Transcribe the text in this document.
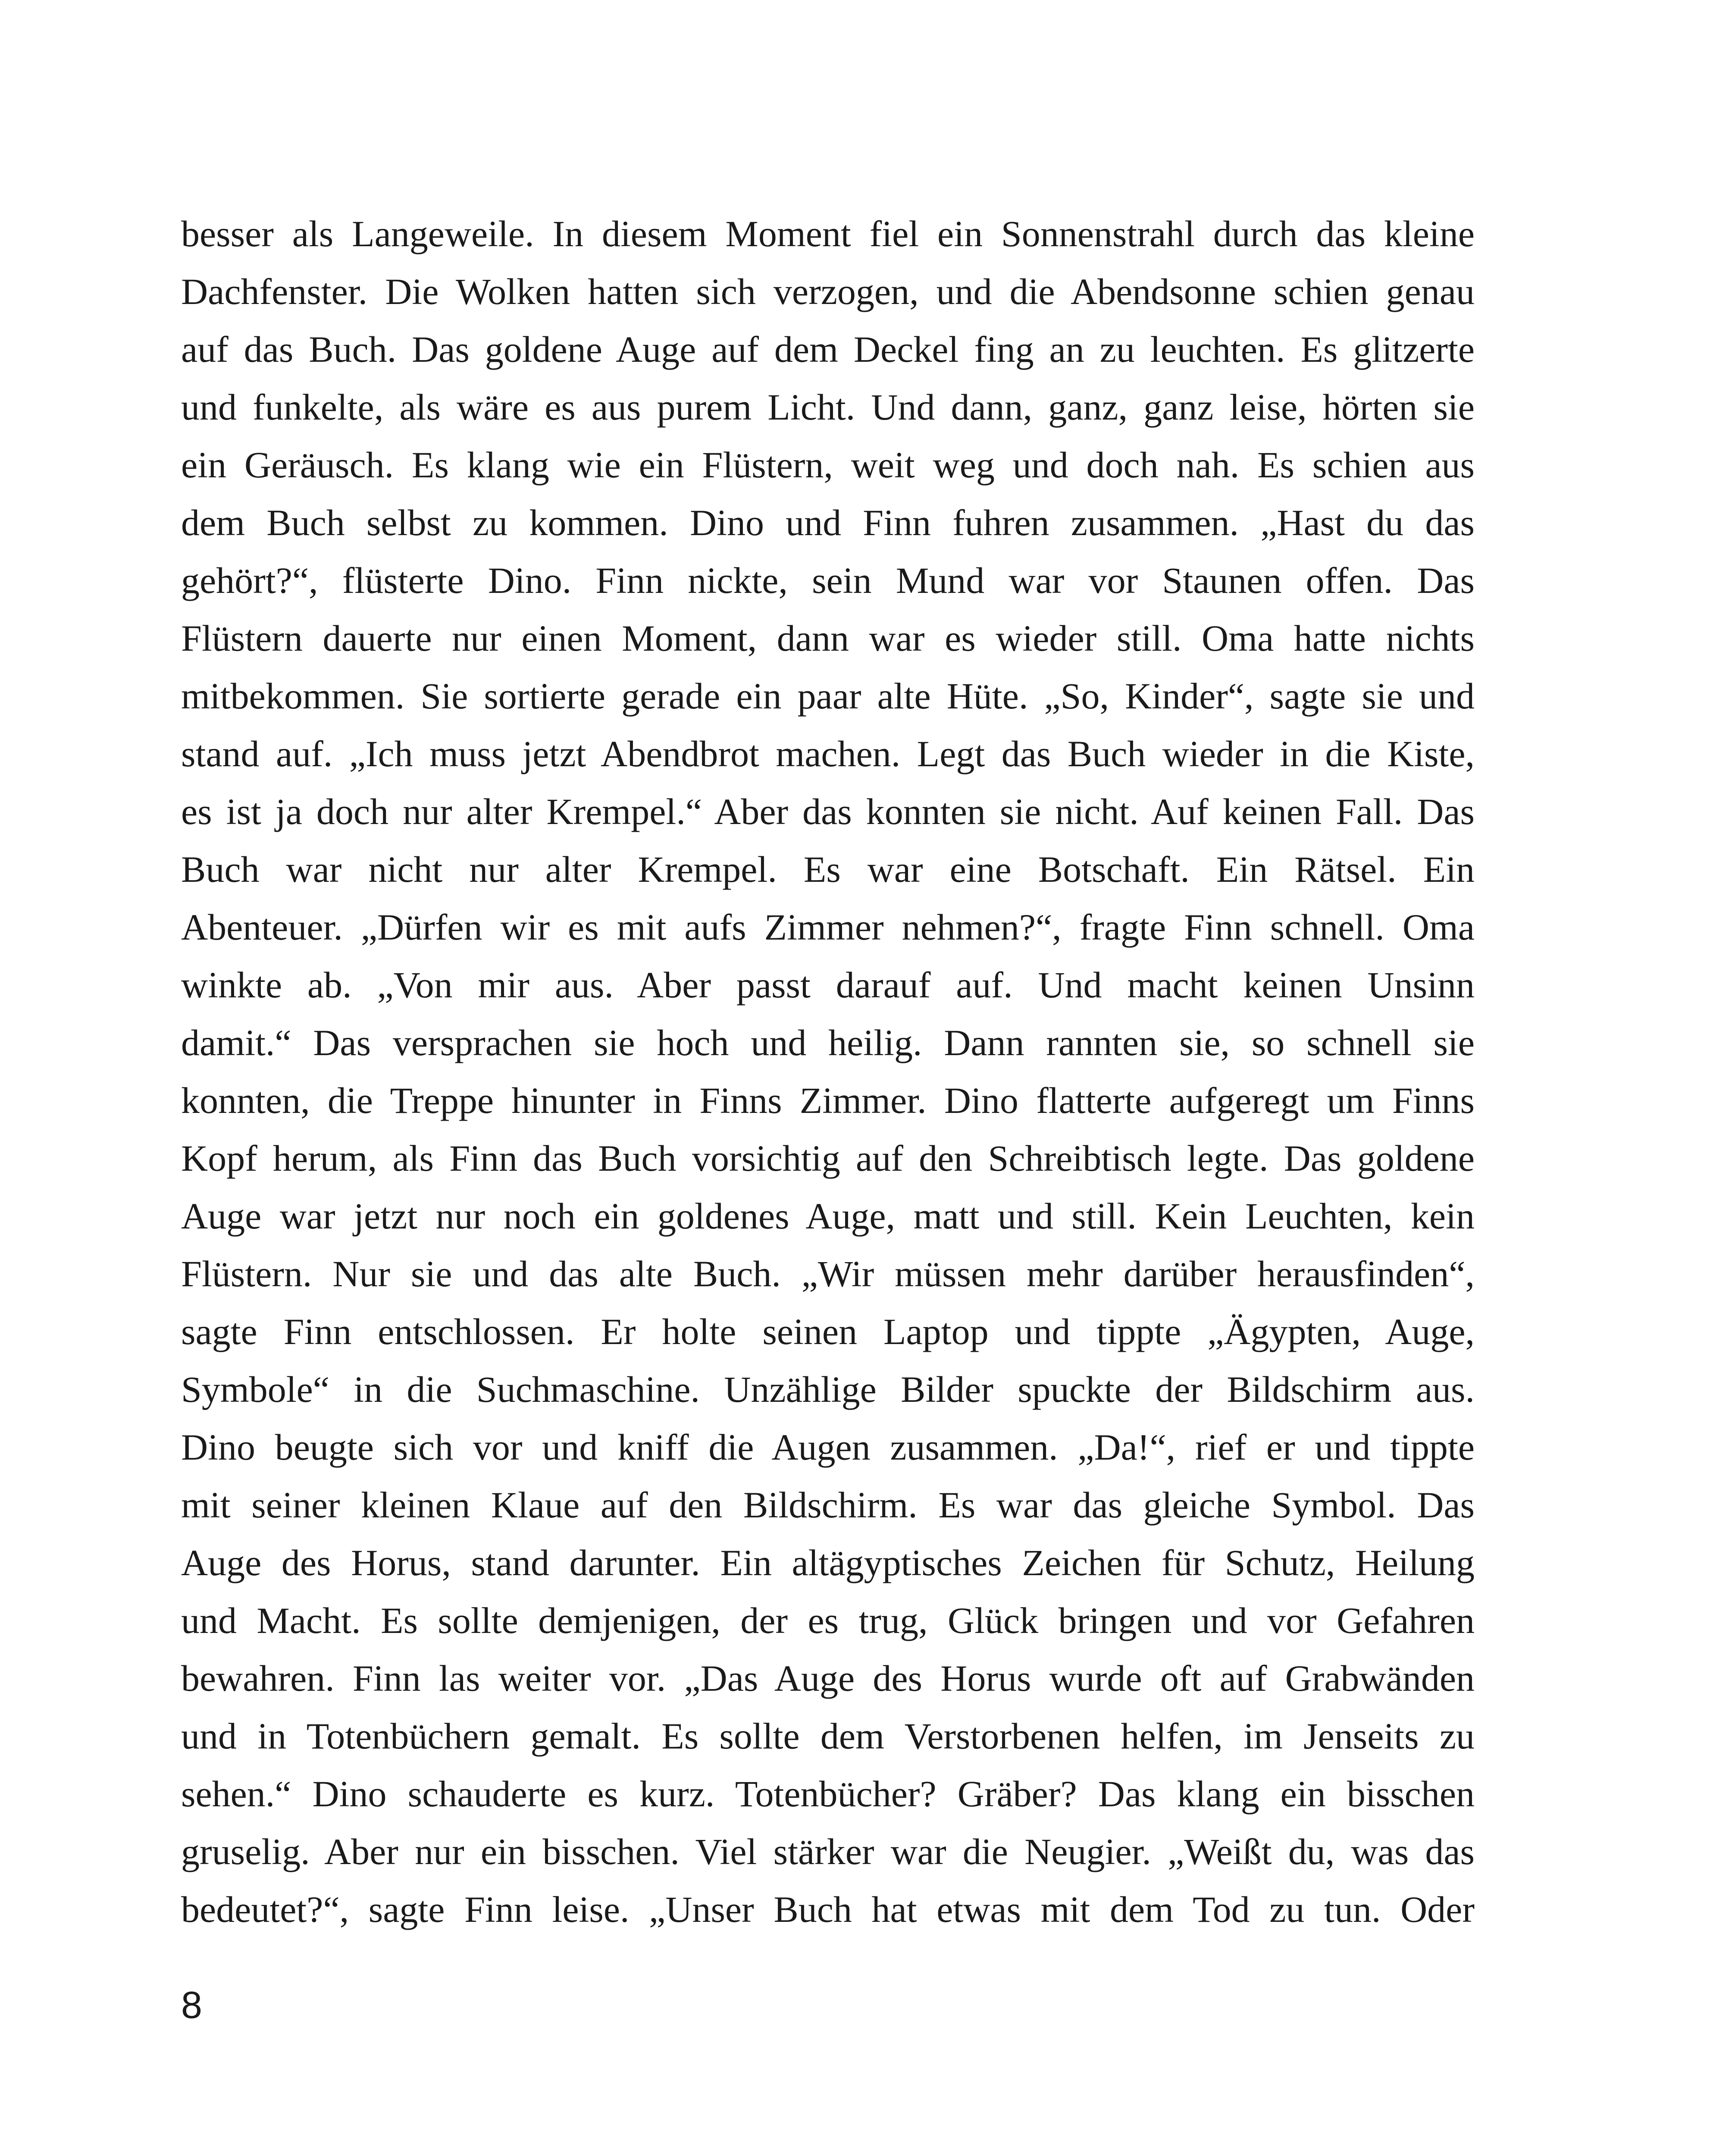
besser als Langeweile. In diesem Moment fiel ein Sonnenstrahl durch das kleine
Dachfenster. Die Wolken hatten sich verzogen, und die Abendsonne schien genau
auf das Buch. Das goldene Auge auf dem Deckel fing an zu leuchten. Es glitzerte
und funkelte, als wäre es aus purem Licht. Und dann, ganz, ganz leise, hörten sie
ein Geräusch. Es klang wie ein Flüstern, weit weg und doch nah. Es schien aus
dem Buch selbst zu kommen. Dino und Finn fuhren zusammen. „Hast du das
gehört?“, flüsterte Dino. Finn nickte, sein Mund war vor Staunen offen. Das
Flüstern dauerte nur einen Moment, dann war es wieder still. Oma hatte nichts
mitbekommen. Sie sortierte gerade ein paar alte Hüte. „So, Kinder“, sagte sie und
stand auf. „Ich muss jetzt Abendbrot machen. Legt das Buch wieder in die Kiste,
es ist ja doch nur alter Krempel.“ Aber das konnten sie nicht. Auf keinen Fall. Das
Buch war nicht nur alter Krempel. Es war eine Botschaft. Ein Rätsel. Ein
Abenteuer. „Dürfen wir es mit aufs Zimmer nehmen?“, fragte Finn schnell. Oma
winkte ab. „Von mir aus. Aber passt darauf auf. Und macht keinen Unsinn
damit.“ Das versprachen sie hoch und heilig. Dann rannten sie, so schnell sie
konnten, die Treppe hinunter in Finns Zimmer. Dino flatterte aufgeregt um Finns
Kopf herum, als Finn das Buch vorsichtig auf den Schreibtisch legte. Das goldene
Auge war jetzt nur noch ein goldenes Auge, matt und still. Kein Leuchten, kein
Flüstern. Nur sie und das alte Buch. „Wir müssen mehr darüber herausfinden“,
sagte Finn entschlossen. Er holte seinen Laptop und tippte „Ägypten, Auge,
Symbole“ in die Suchmaschine. Unzählige Bilder spuckte der Bildschirm aus.
Dino beugte sich vor und kniff die Augen zusammen. „Da!“, rief er und tippte
mit seiner kleinen Klaue auf den Bildschirm. Es war das gleiche Symbol. Das
Auge des Horus, stand darunter. Ein altägyptisches Zeichen für Schutz, Heilung
und Macht. Es sollte demjenigen, der es trug, Glück bringen und vor Gefahren
bewahren. Finn las weiter vor. „Das Auge des Horus wurde oft auf Grabwänden
und in Totenbüchern gemalt. Es sollte dem Verstorbenen helfen, im Jenseits zu
sehen.“ Dino schauderte es kurz. Totenbücher? Gräber? Das klang ein bisschen
gruselig. Aber nur ein bisschen. Viel stärker war die Neugier. „Weißt du, was das
bedeutet?“, sagte Finn leise. „Unser Buch hat etwas mit dem Tod zu tun. Oder
8
